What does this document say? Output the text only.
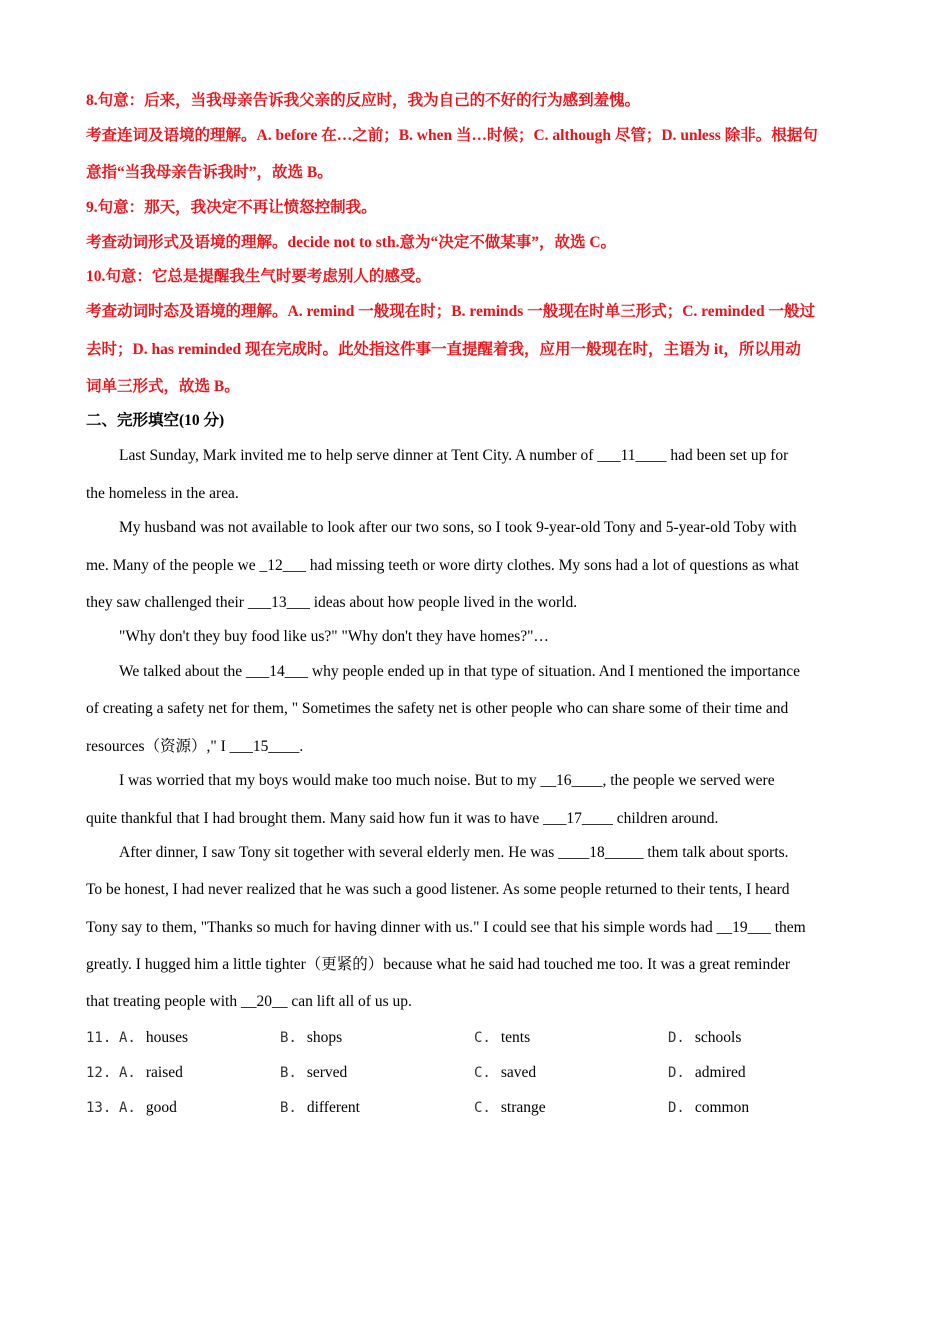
8.句意：后来，当我母亲告诉我父亲的反应时，我为自己的不好的行为感到羞愧。
考查连词及语境的理解。A. before 在…之前；B. when 当…时候；C. although 尽管；D. unless 除非。根据句
意指“当我母亲告诉我时”，故选 B。
9.句意：那天，我决定不再让愤怒控制我。
考查动词形式及语境的理解。decide not to sth.意为“决定不做某事”，故选 C。
10.句意：它总是提醒我生气时要考虑别人的感受。
考查动词时态及语境的理解。A. remind 一般现在时；B. reminds 一般现在时单三形式；C. reminded 一般过
去时；D. has reminded 现在完成时。此处指这件事一直提醒着我，应用一般现在时，主语为 it，所以用动
词单三形式，故选 B。
二、完形填空(10 分)
Last Sunday, Mark invited me to help serve dinner at Tent City. A number of ___11____ had been set up for
the homeless in the area.
My husband was not available to look after our two sons, so I took 9-year-old Tony and 5-year-old Toby with
me. Many of the people we _12___ had missing teeth or wore dirty clothes. My sons had a lot of questions as what
they saw challenged their ___13___ ideas about how people lived in the world.
"Why don't they buy food like us?" "Why don't they have homes?"…
We talked about the ___14___ why people ended up in that type of situation. And I mentioned the importance
of creating a safety net for them, " Sometimes the safety net is other people who can share some of their time and
resources（资源）," I ___15____.
I was worried that my boys would make too much noise. But to my __16____, the people we served were
quite thankful that I had brought them. Many said how fun it was to have ___17____ children around.
After dinner, I saw Tony sit together with several elderly men. He was ____18_____ them talk about sports.
To be honest, I had never realized that he was such a good listener. As some people returned to their tents, I heard
Tony say to them, "Thanks so much for having dinner with us." I could see that his simple words had __19___ them
greatly. I hugged him a little tighter（更紧的）because what he said had touched me too. It was a great reminder
that treating people with __20__ can lift all of us up.
11. A. houses	B. shops	C. tents	D. schools
12. A. raised	B. served	C. saved	D. admired
13. A. good	B. different	C. strange	D. common
